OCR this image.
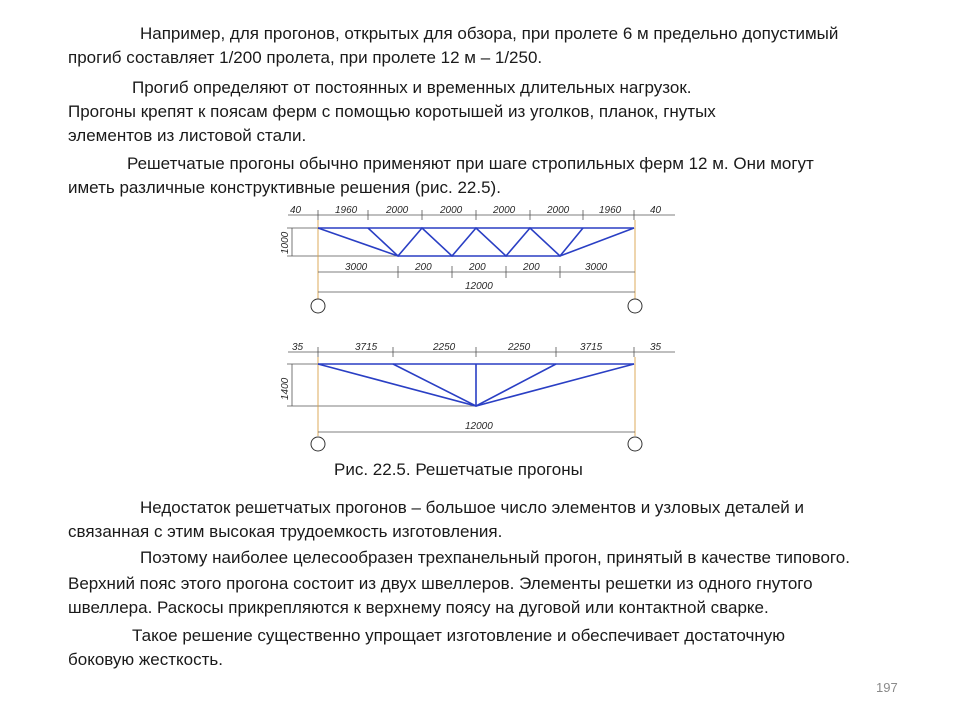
Например, для прогонов, открытых для обзора, при пролете 6 м предельно допустимый

прогиб составляет 1/200 пролета, при пролете 12 м – 1/250.

Прогиб определяют от постоянных и временных длительных нагрузок.

Прогоны крепят к поясам ферм с помощью коротышей из уголков, планок, гнутых

элементов из листовой стали.

Решетчатые прогоны обычно применяют при шаге стропильных ферм 12 м. Они могут

иметь различные конструктивные решения (рис. 22.5).

40	1960	2000	2000	2000	2000	1960	40
1000
3000	200	200	200	3000
12000
35	3715	2250	2250	3715	35
1400
12000
Рис. 22.5. Решетчатые прогоны

Недостаток решетчатых прогонов – большое число элементов и узловых деталей и

связанная с этим высокая трудоемкость изготовления.

Поэтому наиболее целесообразен трехпанельный прогон, принятый в качестве типового.

Верхний пояс этого прогона состоит из двух швеллеров. Элементы решетки из одного гнутого

швеллера. Раскосы прикрепляются к верхнему поясу на дуговой или контактной сварке.

Такое решение существенно упрощает изготовление и обеспечивает достаточную

боковую жесткость.

197
